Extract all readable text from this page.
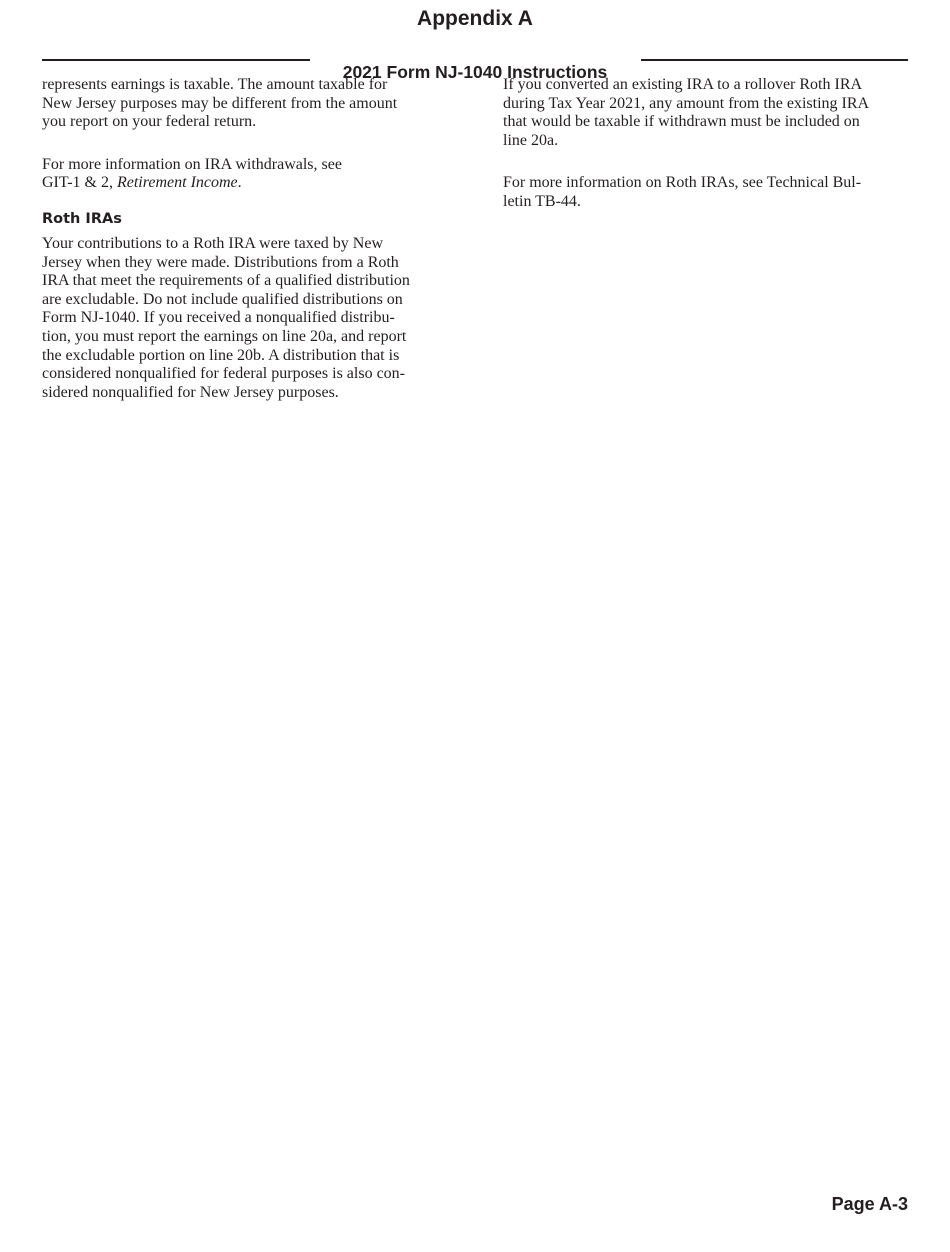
Appendix A
2021 Form NJ-1040 Instructions

represents earnings is taxable. The amount taxable for
New Jersey purposes may be different from the amount
you report on your federal return.

For more information on IRA withdrawals, see
GIT-1 & 2, Retirement Income.

Roth IRAs

Your contributions to a Roth IRA were taxed by New
Jersey when they were made. Distributions from a Roth
IRA that meet the requirements of a qualified distribution
are excludable. Do not include qualified distributions on
Form NJ-1040. If you received a nonqualified distribu-
tion, you must report the earnings on line 20a, and report
the excludable portion on line 20b. A distribution that is
considered nonqualified for federal purposes is also con-
sidered nonqualified for New Jersey purposes.

If you converted an existing IRA to a rollover Roth IRA
during Tax Year 2021, any amount from the existing IRA
that would be taxable if withdrawn must be included on
line 20a.

For more information on Roth IRAs, see Technical Bul-
letin TB-44.

Page A-3
